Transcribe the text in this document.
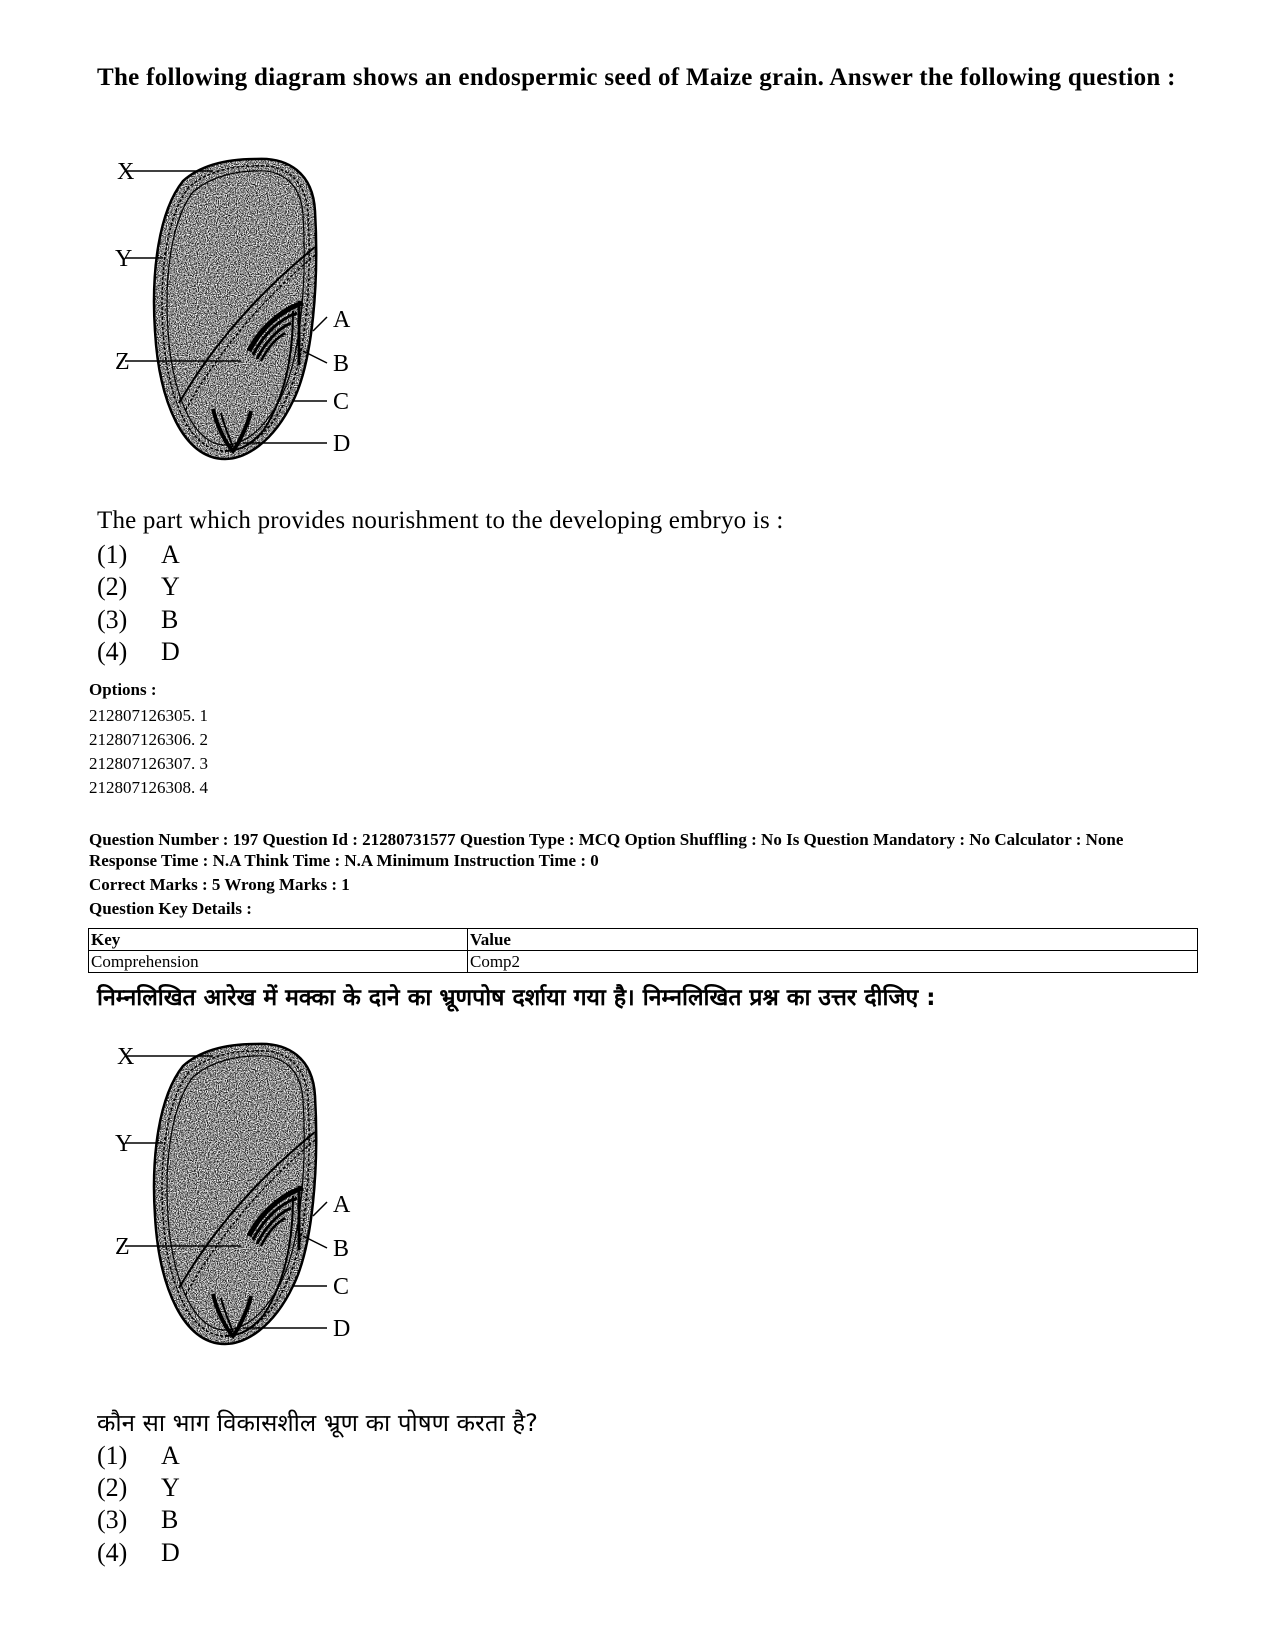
The following diagram shows an endospermic seed of Maize grain. Answer the following question :
X
Y
Z
A
B
C
D
The part which provides nourishment to the developing embryo is :
(1) A
(2) Y
(3) B
(4) D
Options :
212807126305. 1
212807126306. 2
212807126307. 3
212807126308. 4
Question Number : 197 Question Id : 21280731577 Question Type : MCQ Option Shuffling : No Is Question Mandatory : No Calculator : None
Response Time : N.A Think Time : N.A Minimum Instruction Time : 0
Correct Marks : 5 Wrong Marks : 1
Question Key Details :
Key	Value
Comprehension	Comp2
निम्नलिखित आरेख में मक्का के दाने का भ्रूणपोष दर्शाया गया है। निम्नलिखित प्रश्न का उत्तर दीजिए :
X
Y
Z
A
B
C
D
कौन सा भाग विकासशील भ्रूण का पोषण करता है?
(1) A
(2) Y
(3) B
(4) D
